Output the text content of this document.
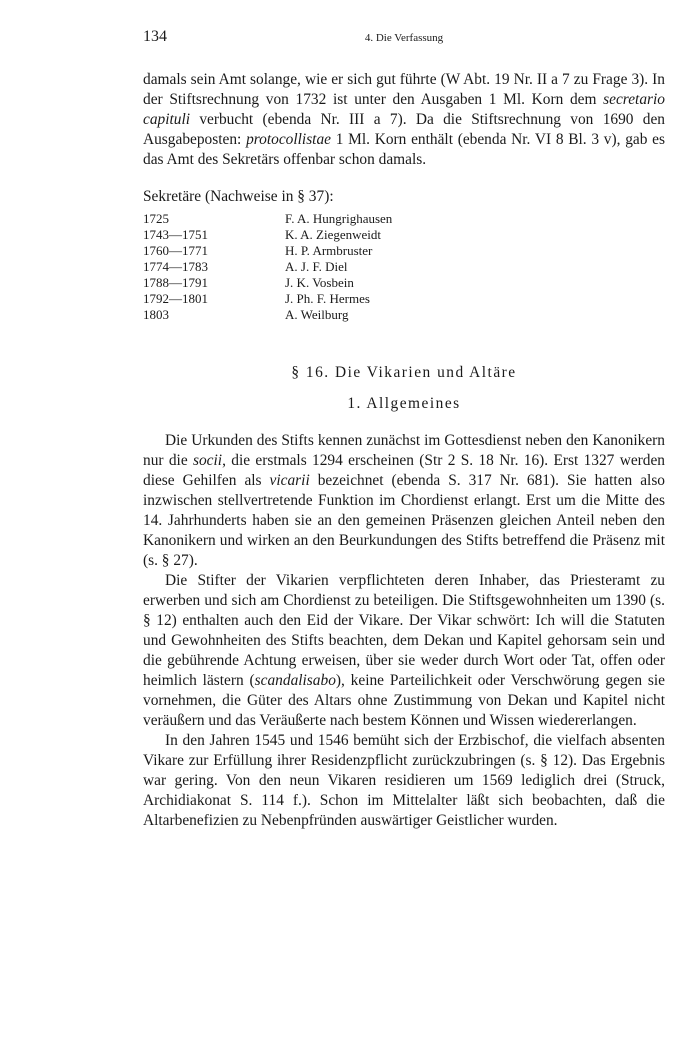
134	4. Die Verfassung

damals sein Amt solange, wie er sich gut führte (W Abt. 19 Nr. II a 7 zu Frage 3). In der Stiftsrechnung von 1732 ist unter den Ausgaben 1 Ml. Korn dem secretario capituli verbucht (ebenda Nr. III a 7). Da die Stiftsrechnung von 1690 den Ausgabeposten: protocollistae 1 Ml. Korn enthält (ebenda Nr. VI 8 Bl. 3 v), gab es das Amt des Sekretärs offenbar schon damals.

Sekretäre (Nachweise in § 37):
1725	F. A. Hungrighausen
1743—1751	K. A. Ziegenweidt
1760—1771	H. P. Armbruster
1774—1783	A. J. F. Diel
1788—1791	J. K. Vosbein
1792—1801	J. Ph. F. Hermes
1803	A. Weilburg
§ 16. Die Vikarien und Altäre
1. Allgemeines

Die Urkunden des Stifts kennen zunächst im Gottesdienst neben den Kanonikern nur die socii, die erstmals 1294 erscheinen (Str 2 S. 18 Nr. 16). Erst 1327 werden diese Gehilfen als vicarii bezeichnet (ebenda S. 317 Nr. 681). Sie hatten also inzwischen stellvertretende Funktion im Chordienst erlangt. Erst um die Mitte des 14. Jahrhunderts haben sie an den gemeinen Präsenzen gleichen Anteil neben den Kanonikern und wirken an den Beurkundungen des Stifts betreffend die Präsenz mit (s. § 27).

Die Stifter der Vikarien verpflichteten deren Inhaber, das Priesteramt zu erwerben und sich am Chordienst zu beteiligen. Die Stiftsgewohnheiten um 1390 (s. § 12) enthalten auch den Eid der Vikare. Der Vikar schwört: Ich will die Statuten und Gewohnheiten des Stifts beachten, dem Dekan und Kapitel gehorsam sein und die gebührende Achtung erweisen, über sie weder durch Wort oder Tat, offen oder heimlich lästern (scandalisabo), keine Parteilichkeit oder Verschwörung gegen sie vornehmen, die Güter des Altars ohne Zustimmung von Dekan und Kapitel nicht veräußern und das Veräußerte nach bestem Können und Wissen wiedererlangen.

In den Jahren 1545 und 1546 bemüht sich der Erzbischof, die vielfach absenten Vikare zur Erfüllung ihrer Residenzpflicht zurückzubringen (s. § 12). Das Ergebnis war gering. Von den neun Vikaren residieren um 1569 lediglich drei (Struck, Archidiakonat S. 114 f.). Schon im Mittelalter läßt sich beobachten, daß die Altarbenefizien zu Nebenpfründen auswärtiger Geistlicher wurden.
